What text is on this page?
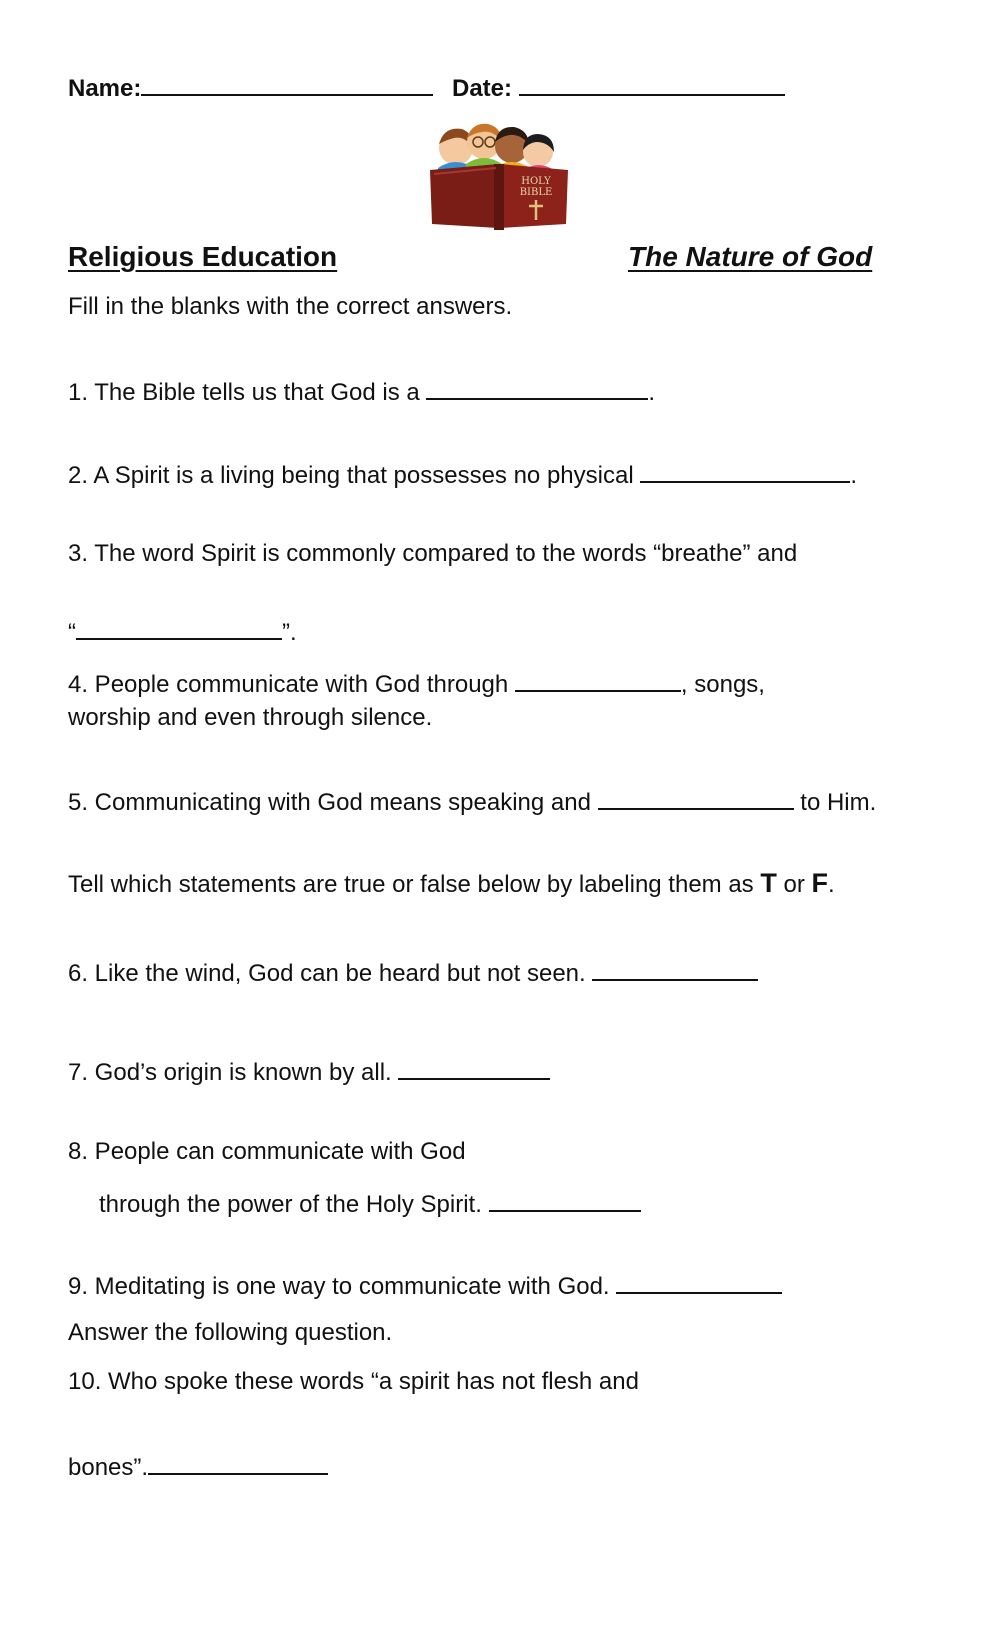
Name:	Date:
HOLY
BIBLE
Religious Education	The Nature of God
Fill in the blanks with the correct answers.
1. The Bible tells us that God is a	.
2. A Spirit is a living being that possesses no physical	.
3. The word Spirit is commonly compared to the words “breathe” and
“	”.
4. People communicate with God through	, songs,
worship and even through silence.
5. Communicating with God means speaking and	to Him.
Tell which statements are true or false below by labeling them as T or F.
6. Like the wind, God can be heard but not seen.
7. God’s origin is known by all.
8. People can communicate with God
through the power of the Holy Spirit.
9. Meditating is one way to communicate with God.
Answer the following question.
10. Who spoke these words “a spirit has not flesh and
bones”.
